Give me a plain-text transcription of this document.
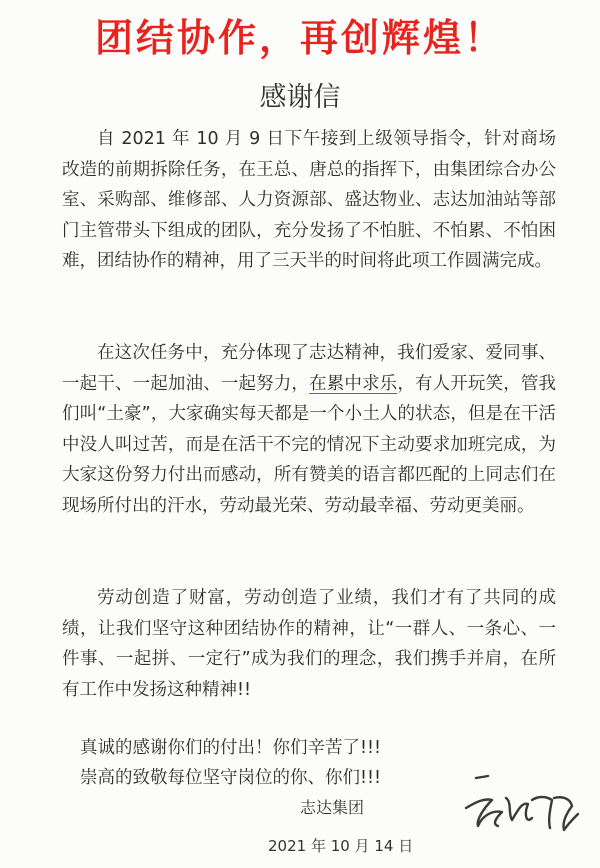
团结协作，再创辉煌！
感谢信

自 2021 年 10 月 9 日下午接到上级领导指令，针对商场改造的前期拆除任务，在王总、唐总的指挥下，由集团综合办公室、采购部、维修部、人力资源部、盛达物业、志达加油站等部门主管带头下组成的团队，充分发扬了不怕脏、不怕累、不怕困难，团结协作的精神，用了三天半的时间将此项工作圆满完成。

在这次任务中，充分体现了志达精神，我们爱家、爱同事、一起干、一起加油、一起努力，在累中求乐，有人开玩笑，管我们叫“土豪”，大家确实每天都是一个小土人的状态，但是在干活中没人叫过苦，而是在活干不完的情况下主动要求加班完成，为大家这份努力付出而感动，所有赞美的语言都匹配的上同志们在现场所付出的汗水，劳动最光荣、劳动最幸福、劳动更美丽。

劳动创造了财富，劳动创造了业绩，我们才有了共同的成绩，让我们坚守这种团结协作的精神，让“一群人、一条心、一件事、一起拼、一定行”成为我们的理念，我们携手并肩，在所有工作中发扬这种精神!!

真诚的感谢你们的付出！你们辛苦了!!!
崇高的致敬每位坚守岗位的你、你们!!!
志达集团
2021 年 10 月 14 日
